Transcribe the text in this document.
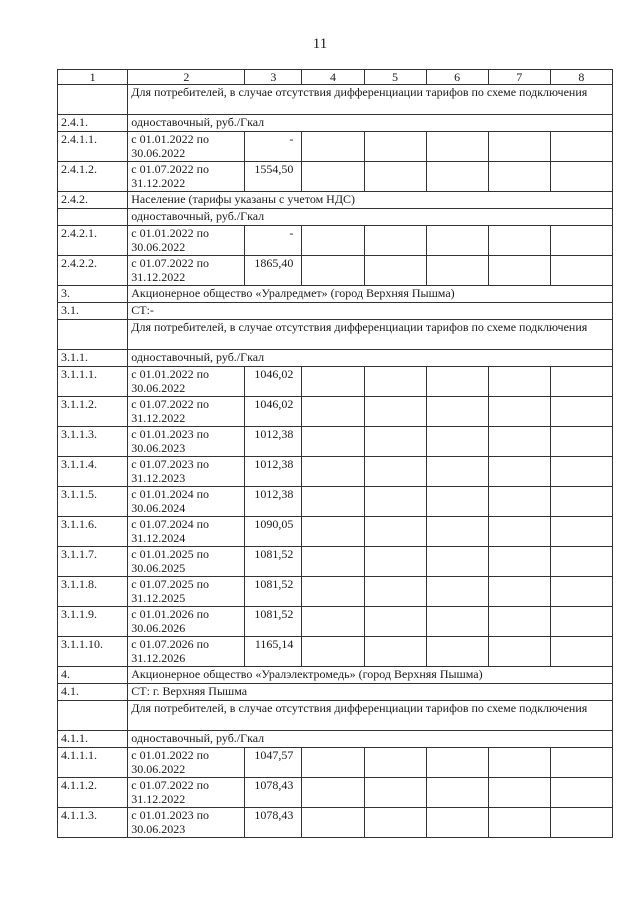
11
1	2	3	4	5	6	7	8
	Для потребителей, в случае отсутствия дифференциации тарифов по схеме подключения						
2.4.1.	одноставочный, руб./Гкал						
2.4.1.1.	с 01.01.2022 по 30.06.2022	-					
2.4.1.2.	с 01.07.2022 по 31.12.2022	1554,50					
2.4.2.	Население (тарифы указаны с учетом НДС)						
	одноставочный, руб./Гкал						
2.4.2.1.	с 01.01.2022 по 30.06.2022	-					
2.4.2.2.	с 01.07.2022 по 31.12.2022	1865,40					
3.	Акционерное общество «Уралредмет» (город Верхняя Пышма)						
3.1.	СТ:-						
	Для потребителей, в случае отсутствия дифференциации тарифов по схеме подключения						
3.1.1.	одноставочный, руб./Гкал						
3.1.1.1.	с 01.01.2022 по 30.06.2022	1046,02					
3.1.1.2.	с 01.07.2022 по 31.12.2022	1046,02					
3.1.1.3.	с 01.01.2023 по 30.06.2023	1012,38					
3.1.1.4.	с 01.07.2023 по 31.12.2023	1012,38					
3.1.1.5.	с 01.01.2024 по 30.06.2024	1012,38					
3.1.1.6.	с 01.07.2024 по 31.12.2024	1090,05					
3.1.1.7.	с 01.01.2025 по 30.06.2025	1081,52					
3.1.1.8.	с 01.07.2025 по 31.12.2025	1081,52					
3.1.1.9.	с 01.01.2026 по 30.06.2026	1081,52					
3.1.1.10.	с 01.07.2026 по 31.12.2026	1165,14					
4.	Акционерное общество «Уралэлектромедь» (город Верхняя Пышма)						
4.1.	СТ: г. Верхняя Пышма						
	Для потребителей, в случае отсутствия дифференциации тарифов по схеме подключения						
4.1.1.	одноставочный, руб./Гкал						
4.1.1.1.	с 01.01.2022 по 30.06.2022	1047,57					
4.1.1.2.	с 01.07.2022 по 31.12.2022	1078,43					
4.1.1.3.	с 01.01.2023 по 30.06.2023	1078,43					
